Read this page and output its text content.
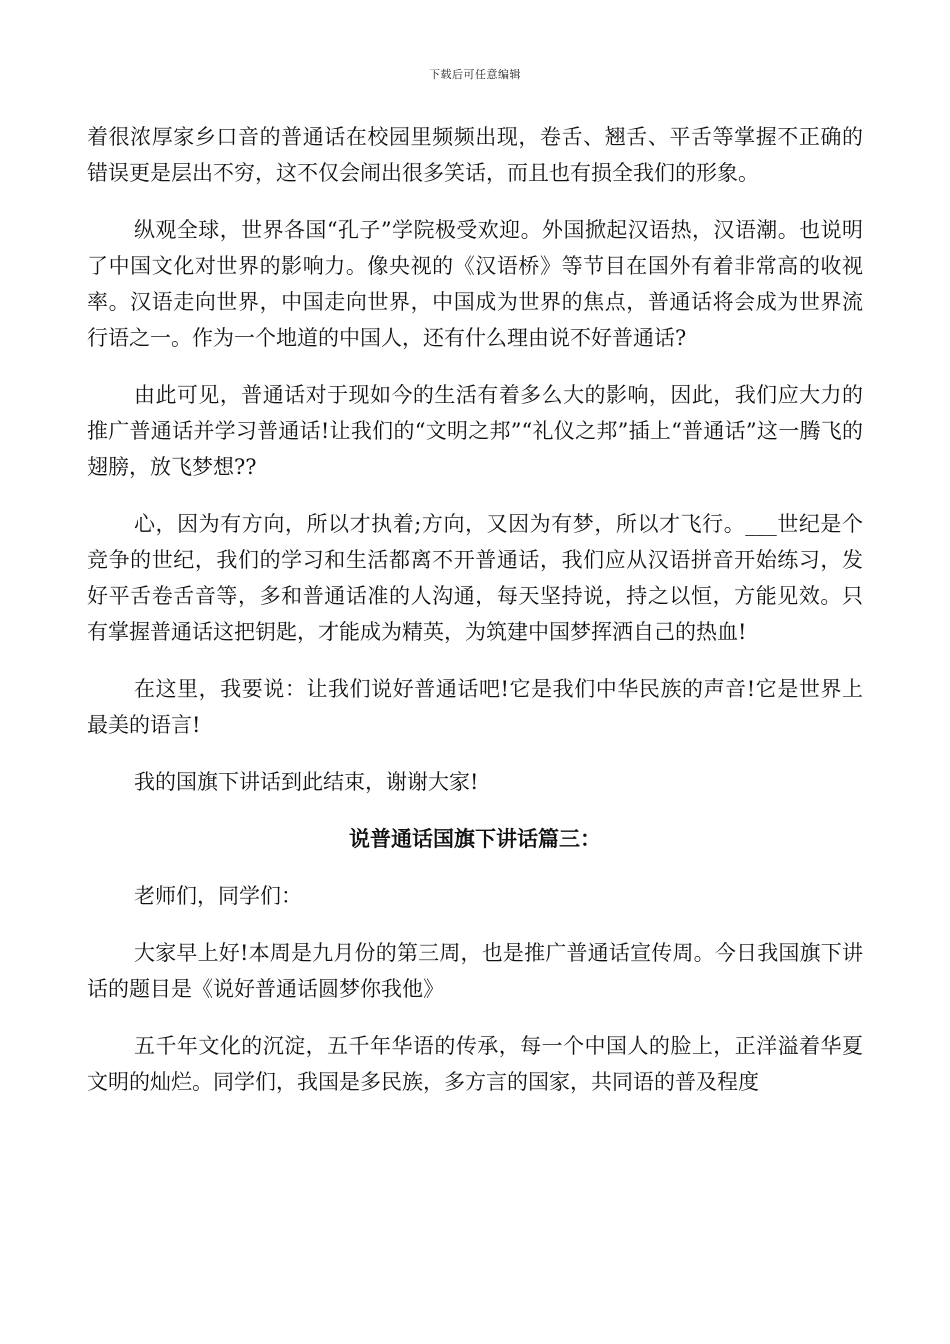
下载后可任意编辑

着很浓厚家乡口音的普通话在校园里频频出现，卷舌、翘舌、平舌等掌握不正确的错误更是层出不穷，这不仅会闹出很多笑话，而且也有损全我们的形象。

纵观全球，世界各国“孔子”学院极受欢迎。外国掀起汉语热，汉语潮。也说明了中国文化对世界的影响力。像央视的《汉语桥》等节目在国外有着非常高的收视率。汉语走向世界，中国走向世界，中国成为世界的焦点，普通话将会成为世界流行语之一。作为一个地道的中国人，还有什么理由说不好普通话?

由此可见，普通话对于现如今的生活有着多么大的影响，因此，我们应大力的推广普通话并学习普通话!让我们的“文明之邦”“礼仪之邦”插上“普通话”这一腾飞的翅膀，放飞梦想??

心，因为有方向，所以才执着;方向，又因为有梦，所以才飞行。___世纪是个竞争的世纪，我们的学习和生活都离不开普通话，我们应从汉语拼音开始练习，发好平舌卷舌音等，多和普通话准的人沟通，每天坚持说，持之以恒，方能见效。只有掌握普通话这把钥匙，才能成为精英，为筑建中国梦挥洒自己的热血!

在这里，我要说：让我们说好普通话吧!它是我们中华民族的声音!它是世界上最美的语言!

我的国旗下讲话到此结束，谢谢大家!

说普通话国旗下讲话篇三：

老师们，同学们：

大家早上好!本周是九月份的第三周，也是推广普通话宣传周。今日我国旗下讲话的题目是《说好普通话圆梦你我他》

五千年文化的沉淀，五千年华语的传承，每一个中国人的脸上，正洋溢着华夏文明的灿烂。同学们，我国是多民族，多方言的国家，共同语的普及程度
